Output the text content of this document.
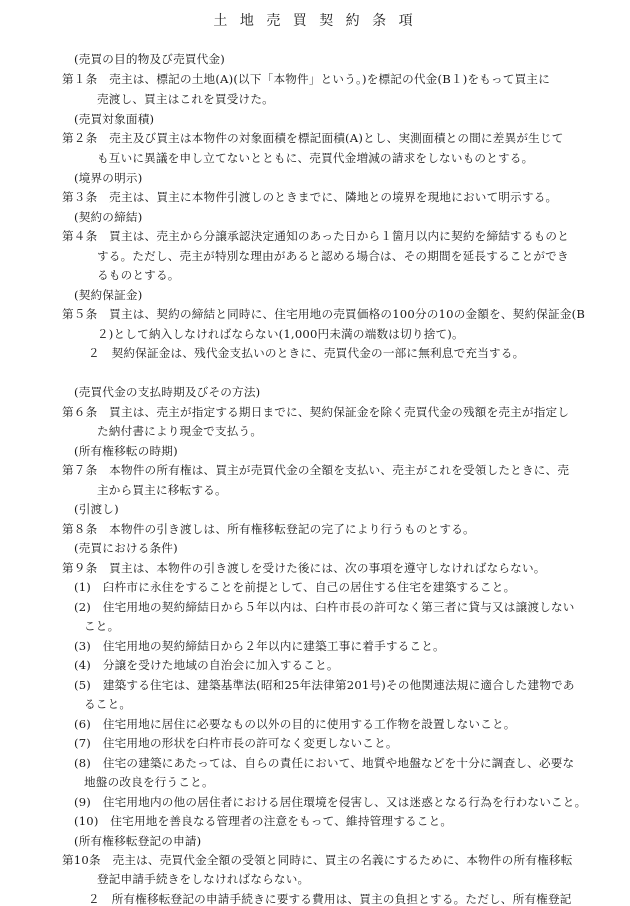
土 地 売 買 契 約 条 項
(売買の目的物及び売買代金)
第１条　売主は、標記の土地(A)(以下「本物件」という。)を標記の代金(B１)をもって買主に
売渡し、買主はこれを買受けた。
(売買対象面積)
第２条　売主及び買主は本物件の対象面積を標記面積(A)とし、実測面積との間に差異が生じて
も互いに異議を申し立てないとともに、売買代金増減の請求をしないものとする。
(境界の明示)
第３条　売主は、買主に本物件引渡しのときまでに、隣地との境界を現地において明示する。
(契約の締結)
第４条　買主は、売主から分譲承認決定通知のあった日から１箇月以内に契約を締結するものと
する。ただし、売主が特別な理由があると認める場合は、その期間を延長することができ
るものとする。
(契約保証金)
第５条　買主は、契約の締結と同時に、住宅用地の売買価格の100分の10の金額を、契約保証金(B
２)として納入しなければならない(1,000円未満の端数は切り捨て)。
２　契約保証金は、残代金支払いのときに、売買代金の一部に無利息で充当する。
(売買代金の支払時期及びその方法)
第６条　買主は、売主が指定する期日までに、契約保証金を除く売買代金の残額を売主が指定し
た納付書により現金で支払う。
(所有権移転の時期)
第７条　本物件の所有権は、買主が売買代金の全額を支払い、売主がこれを受領したときに、売
主から買主に移転する。
(引渡し)
第８条　本物件の引き渡しは、所有権移転登記の完了により行うものとする。
(売買における条件)
第９条　買主は、本物件の引き渡しを受けた後には、次の事項を遵守しなければならない。
(1)　臼杵市に永住をすることを前提として、自己の居住する住宅を建築すること。
(2)　住宅用地の契約締結日から５年以内は、臼杵市長の許可なく第三者に貸与又は譲渡しない
こと。
(3)　住宅用地の契約締結日から２年以内に建築工事に着手すること。
(4)　分譲を受けた地域の自治会に加入すること。
(5)　建築する住宅は、建築基準法(昭和25年法律第201号)その他関連法規に適合した建物であ
ること。
(6)　住宅用地に居住に必要なもの以外の目的に使用する工作物を設置しないこと。
(7)　住宅用地の形状を臼杵市長の許可なく変更しないこと。
(8)　住宅の建築にあたっては、自らの責任において、地質や地盤などを十分に調査し、必要な
地盤の改良を行うこと。
(9)　住宅用地内の他の居住者における居住環境を侵害し、又は迷惑となる行為を行わないこと。
(10)　住宅用地を善良なる管理者の注意をもって、維持管理すること。
(所有権移転登記の申請)
第10条　売主は、売買代金全額の受領と同時に、買主の名義にするために、本物件の所有権移転
登記申請手続きをしなければならない。
２　所有権移転登記の申請手続きに要する費用は、買主の負担とする。ただし、所有権登記
